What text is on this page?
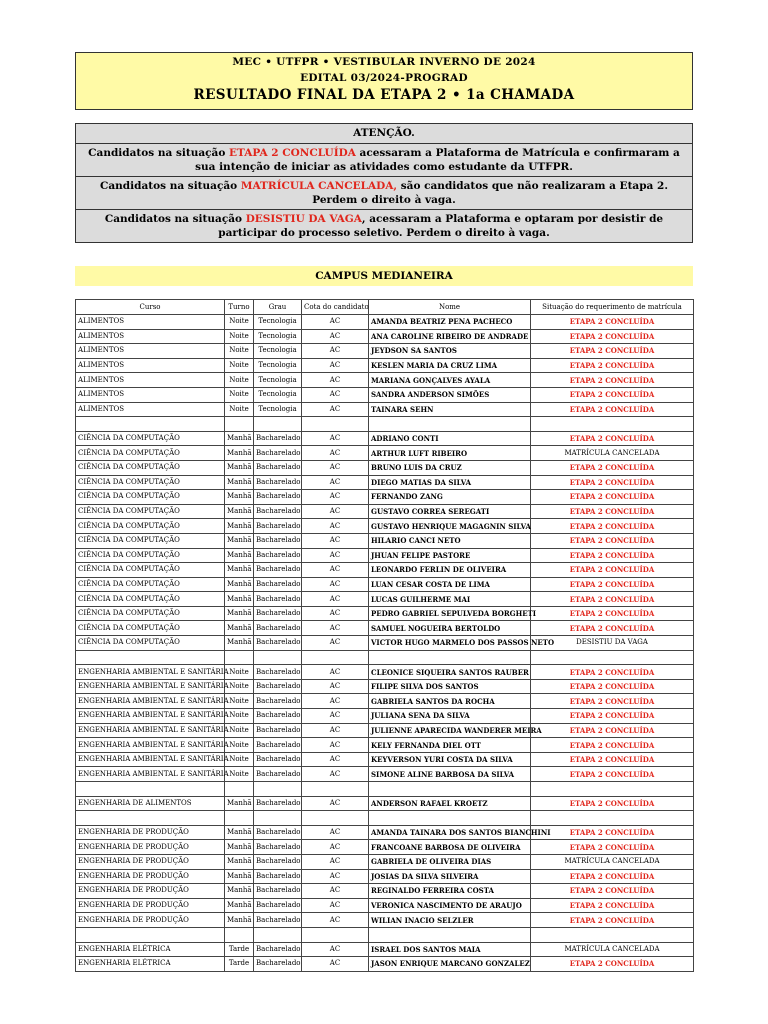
MEC • UTFPR • VESTIBULAR INVERNO DE 2024
EDITAL 03/2024-PROGRAD
RESULTADO FINAL DA ETAPA 2 • 1a CHAMADA
ATENÇÃO.
Candidatos na situação ETAPA 2 CONCLUÍDA acessaram a Plataforma de Matrícula e confirmaram a sua intenção de iniciar as atividades como estudante da UTFPR.
Candidatos na situação MATRÍCULA CANCELADA, são candidatos que não realizaram a Etapa 2. Perdem o direito à vaga.
Candidatos na situação DESISTIU DA VAGA, acessaram a Plataforma e optaram por desistir de participar do processo seletivo. Perdem o direito à vaga.
CAMPUS MEDIANEIRA
Curso	Turno	Grau	Cota do candidato	Nome	Situação do requerimento de matrícula
ALIMENTOS	Noite	Tecnologia	AC	AMANDA BEATRIZ PENA PACHECO	ETAPA 2 CONCLUÍDA
ALIMENTOS	Noite	Tecnologia	AC	ANA CAROLINE RIBEIRO DE ANDRADE	ETAPA 2 CONCLUÍDA
ALIMENTOS	Noite	Tecnologia	AC	JEYDSON SA SANTOS	ETAPA 2 CONCLUÍDA
ALIMENTOS	Noite	Tecnologia	AC	KESLEN MARIA DA CRUZ LIMA	ETAPA 2 CONCLUÍDA
ALIMENTOS	Noite	Tecnologia	AC	MARIANA GONÇALVES AYALA	ETAPA 2 CONCLUÍDA
ALIMENTOS	Noite	Tecnologia	AC	SANDRA ANDERSON SIMÕES	ETAPA 2 CONCLUÍDA
ALIMENTOS	Noite	Tecnologia	AC	TAINARA SEHN	ETAPA 2 CONCLUÍDA

CIÊNCIA DA COMPUTAÇÃO	Manhã	Bacharelado	AC	ADRIANO CONTI	ETAPA 2 CONCLUÍDA
CIÊNCIA DA COMPUTAÇÃO	Manhã	Bacharelado	AC	ARTHUR LUFT RIBEIRO	MATRÍCULA CANCELADA
CIÊNCIA DA COMPUTAÇÃO	Manhã	Bacharelado	AC	BRUNO LUIS DA CRUZ	ETAPA 2 CONCLUÍDA
CIÊNCIA DA COMPUTAÇÃO	Manhã	Bacharelado	AC	DIEGO MATIAS DA SILVA	ETAPA 2 CONCLUÍDA
CIÊNCIA DA COMPUTAÇÃO	Manhã	Bacharelado	AC	FERNANDO ZANG	ETAPA 2 CONCLUÍDA
CIÊNCIA DA COMPUTAÇÃO	Manhã	Bacharelado	AC	GUSTAVO CORREA SEREGATI	ETAPA 2 CONCLUÍDA
CIÊNCIA DA COMPUTAÇÃO	Manhã	Bacharelado	AC	GUSTAVO HENRIQUE MAGAGNIN SILVA	ETAPA 2 CONCLUÍDA
CIÊNCIA DA COMPUTAÇÃO	Manhã	Bacharelado	AC	HILARIO CANCI NETO	ETAPA 2 CONCLUÍDA
CIÊNCIA DA COMPUTAÇÃO	Manhã	Bacharelado	AC	JHUAN FELIPE PASTORE	ETAPA 2 CONCLUÍDA
CIÊNCIA DA COMPUTAÇÃO	Manhã	Bacharelado	AC	LEONARDO FERLIN DE OLIVEIRA	ETAPA 2 CONCLUÍDA
CIÊNCIA DA COMPUTAÇÃO	Manhã	Bacharelado	AC	LUAN CESAR COSTA DE LIMA	ETAPA 2 CONCLUÍDA
CIÊNCIA DA COMPUTAÇÃO	Manhã	Bacharelado	AC	LUCAS GUILHERME MAI	ETAPA 2 CONCLUÍDA
CIÊNCIA DA COMPUTAÇÃO	Manhã	Bacharelado	AC	PEDRO GABRIEL SEPULVEDA BORGHETI	ETAPA 2 CONCLUÍDA
CIÊNCIA DA COMPUTAÇÃO	Manhã	Bacharelado	AC	SAMUEL NOGUEIRA BERTOLDO	ETAPA 2 CONCLUÍDA
CIÊNCIA DA COMPUTAÇÃO	Manhã	Bacharelado	AC	VICTOR HUGO MARMELO DOS PASSOS NETO	DESISTIU DA VAGA

ENGENHARIA AMBIENTAL E SANITÁRIA	Noite	Bacharelado	AC	CLEONICE SIQUEIRA SANTOS RAUBER	ETAPA 2 CONCLUÍDA
ENGENHARIA AMBIENTAL E SANITÁRIA	Noite	Bacharelado	AC	FILIPE SILVA DOS SANTOS	ETAPA 2 CONCLUÍDA
ENGENHARIA AMBIENTAL E SANITÁRIA	Noite	Bacharelado	AC	GABRIELA SANTOS DA ROCHA	ETAPA 2 CONCLUÍDA
ENGENHARIA AMBIENTAL E SANITÁRIA	Noite	Bacharelado	AC	JULIANA SENA DA SILVA	ETAPA 2 CONCLUÍDA
ENGENHARIA AMBIENTAL E SANITÁRIA	Noite	Bacharelado	AC	JULIENNE APARECIDA WANDERER MEIRA	ETAPA 2 CONCLUÍDA
ENGENHARIA AMBIENTAL E SANITÁRIA	Noite	Bacharelado	AC	KELY FERNANDA DIEL OTT	ETAPA 2 CONCLUÍDA
ENGENHARIA AMBIENTAL E SANITÁRIA	Noite	Bacharelado	AC	KEYVERSON YURI COSTA DA SILVA	ETAPA 2 CONCLUÍDA
ENGENHARIA AMBIENTAL E SANITÁRIA	Noite	Bacharelado	AC	SIMONE ALINE BARBOSA DA SILVA	ETAPA 2 CONCLUÍDA

ENGENHARIA DE ALIMENTOS	Manhã	Bacharelado	AC	ANDERSON RAFAEL KROETZ	ETAPA 2 CONCLUÍDA

ENGENHARIA DE PRODUÇÃO	Manhã	Bacharelado	AC	AMANDA TAINARA DOS SANTOS BIANCHINI	ETAPA 2 CONCLUÍDA
ENGENHARIA DE PRODUÇÃO	Manhã	Bacharelado	AC	FRANCOANE BARBOSA DE OLIVEIRA	ETAPA 2 CONCLUÍDA
ENGENHARIA DE PRODUÇÃO	Manhã	Bacharelado	AC	GABRIELA DE OLIVEIRA DIAS	MATRÍCULA CANCELADA
ENGENHARIA DE PRODUÇÃO	Manhã	Bacharelado	AC	JOSIAS DA SILVA SILVEIRA	ETAPA 2 CONCLUÍDA
ENGENHARIA DE PRODUÇÃO	Manhã	Bacharelado	AC	REGINALDO FERREIRA COSTA	ETAPA 2 CONCLUÍDA
ENGENHARIA DE PRODUÇÃO	Manhã	Bacharelado	AC	VERONICA NASCIMENTO DE ARAUJO	ETAPA 2 CONCLUÍDA
ENGENHARIA DE PRODUÇÃO	Manhã	Bacharelado	AC	WILIAN INACIO SELZLER	ETAPA 2 CONCLUÍDA

ENGENHARIA ELÉTRICA	Tarde	Bacharelado	AC	ISRAEL DOS SANTOS MAIA	MATRÍCULA CANCELADA
ENGENHARIA ELÉTRICA	Tarde	Bacharelado	AC	JASON ENRIQUE MARCANO GONZALEZ	ETAPA 2 CONCLUÍDA
